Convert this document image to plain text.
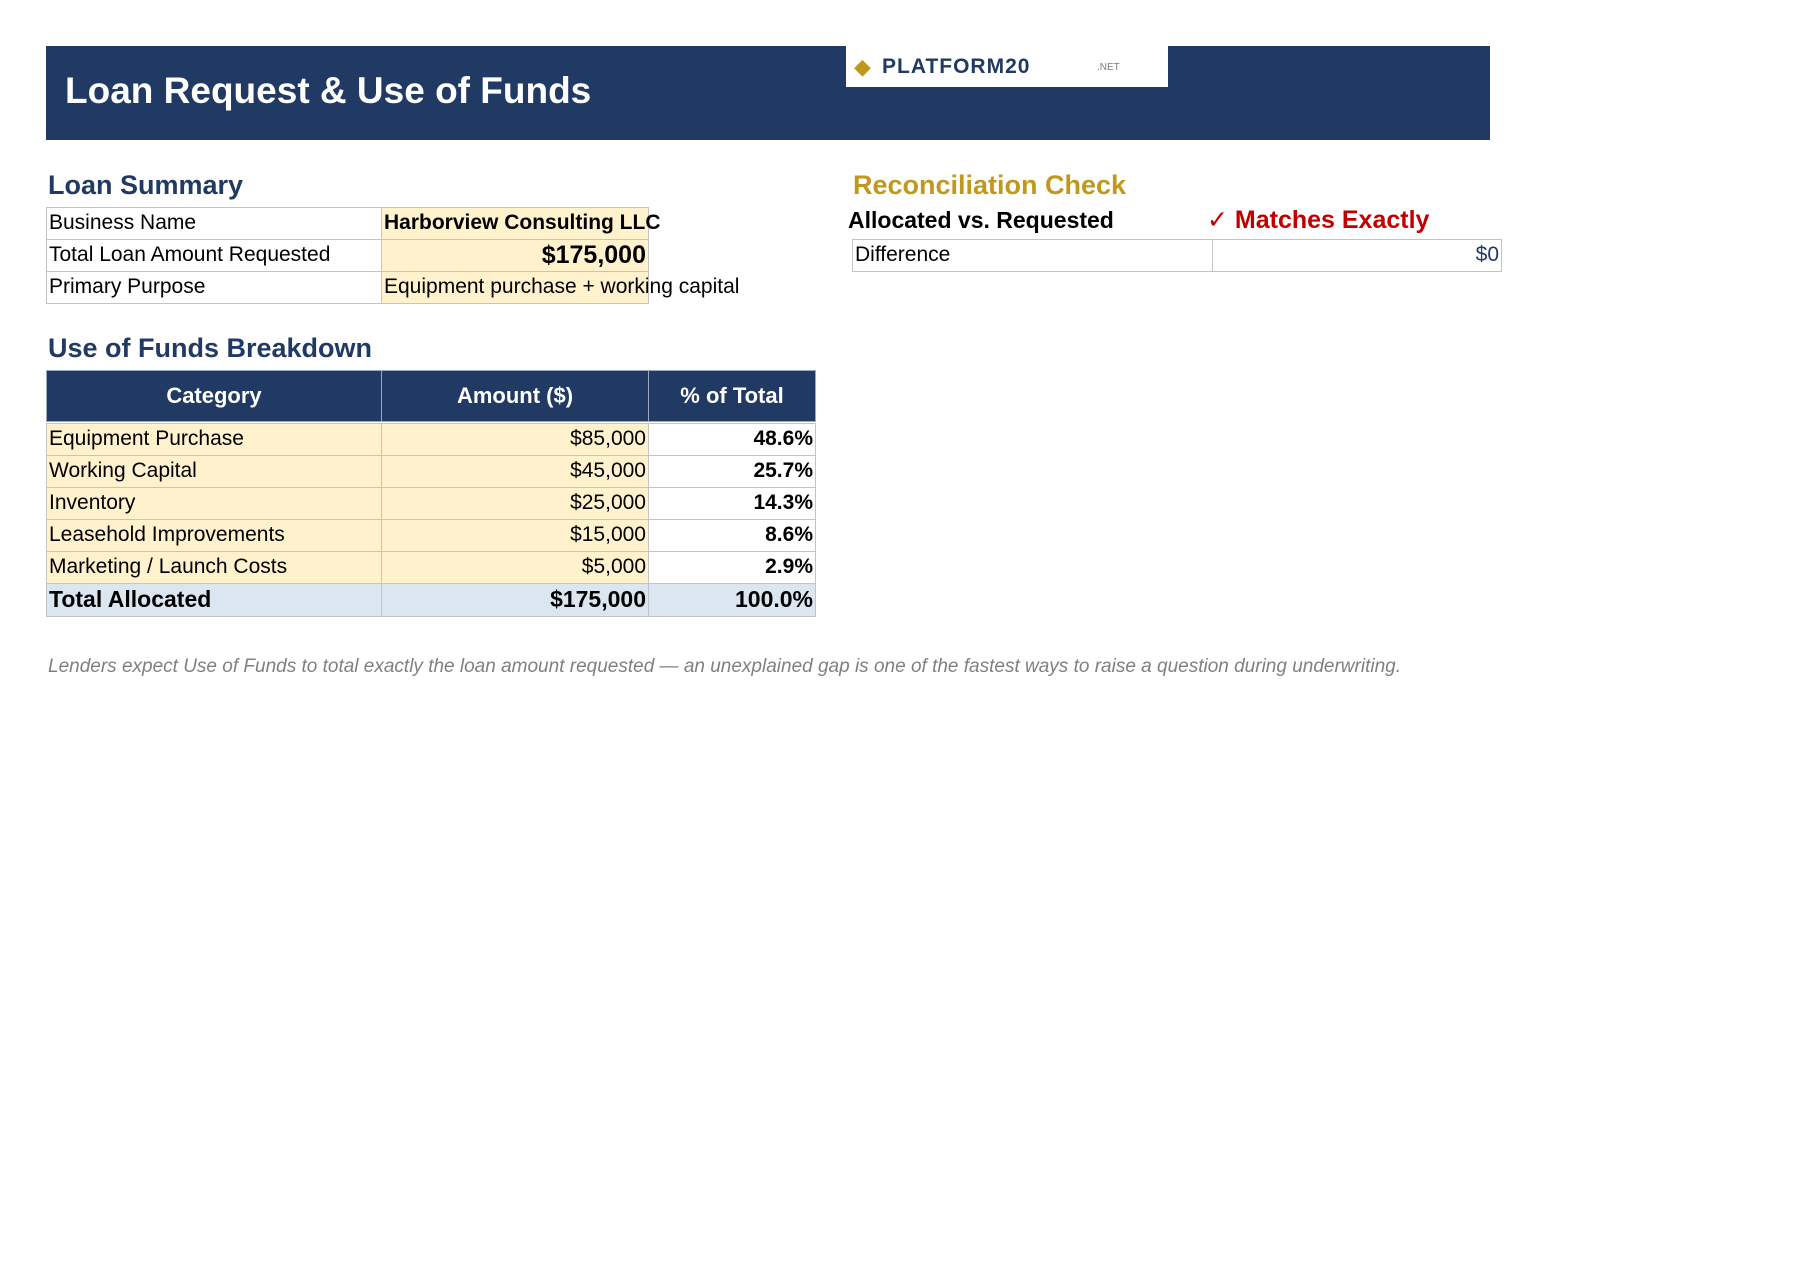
Loan Request & Use of Funds
◆ PLATFORM20	.NET
Loan Summary
Business Name	Harborview Consulting LLC
Total Loan Amount Requested	$175,000
Primary Purpose	Equipment purchase + working capital
Reconciliation Check
Allocated vs. Requested	✓ Matches Exactly
Difference	$0
Use of Funds Breakdown
Category	Amount ($)	% of Total
Equipment Purchase	$85,000	48.6%
Working Capital	$45,000	25.7%
Inventory	$25,000	14.3%
Leasehold Improvements	$15,000	8.6%
Marketing / Launch Costs	$5,000	2.9%
Total Allocated	$175,000	100.0%
Lenders expect Use of Funds to total exactly the loan amount requested — an unexplained gap is one of the fastest ways to raise a question during underwriting.
